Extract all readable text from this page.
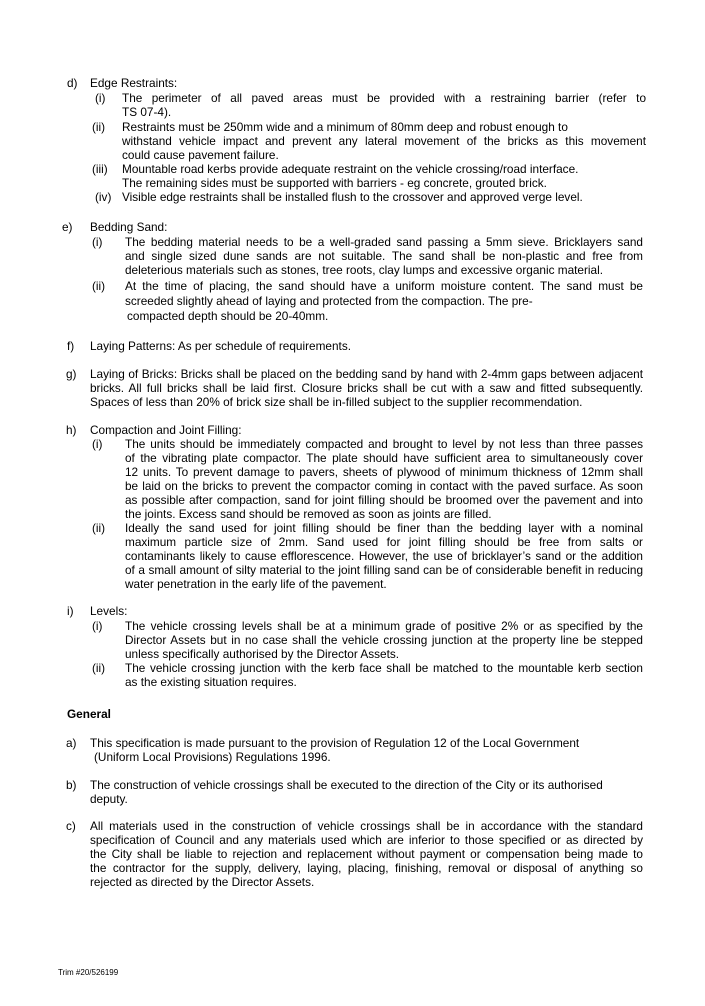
d) Edge Restraints:
(i) The perimeter of all paved areas must be provided with a restraining barrier (refer to
TS 07-4).
(ii) Restraints must be 250mm wide and a minimum of 80mm deep and robust enough to
withstand vehicle impact and prevent any lateral movement of the bricks as this movement
could cause pavement failure.
(iii) Mountable road kerbs provide adequate restraint on the vehicle crossing/road interface.
The remaining sides must be supported with barriers - eg concrete, grouted brick.
(iv) Visible edge restraints shall be installed flush to the crossover and approved verge level.
e) Bedding Sand:
(i) The bedding material needs to be a well-graded sand passing a 5mm sieve. Bricklayers sand
and single sized dune sands are not suitable. The sand shall be non-plastic and free from
deleterious materials such as stones, tree roots, clay lumps and excessive organic material.
(ii) At the time of placing, the sand should have a uniform moisture content. The sand must be
screeded slightly ahead of laying and protected from the compaction. The pre-
compacted depth should be 20-40mm.
f) Laying Patterns: As per schedule of requirements.
g) Laying of Bricks: Bricks shall be placed on the bedding sand by hand with 2-4mm gaps between adjacent
bricks. All full bricks shall be laid first. Closure bricks shall be cut with a saw and fitted subsequently.
Spaces of less than 20% of brick size shall be in-filled subject to the supplier recommendation.
h) Compaction and Joint Filling:
(i) The units should be immediately compacted and brought to level by not less than three passes
of the vibrating plate compactor. The plate should have sufficient area to simultaneously cover
12 units. To prevent damage to pavers, sheets of plywood of minimum thickness of 12mm shall
be laid on the bricks to prevent the compactor coming in contact with the paved surface. As soon
as possible after compaction, sand for joint filling should be broomed over the pavement and into
the joints. Excess sand should be removed as soon as joints are filled.
(ii) Ideally the sand used for joint filling should be finer than the bedding layer with a nominal
maximum particle size of 2mm. Sand used for joint filling should be free from salts or
contaminants likely to cause efflorescence. However, the use of bricklayer’s sand or the addition
of a small amount of silty material to the joint filling sand can be of considerable benefit in reducing
water penetration in the early life of the pavement.
i) Levels:
(i) The vehicle crossing levels shall be at a minimum grade of positive 2% or as specified by the
Director Assets but in no case shall the vehicle crossing junction at the property line be stepped
unless specifically authorised by the Director Assets.
(ii) The vehicle crossing junction with the kerb face shall be matched to the mountable kerb section
as the existing situation requires.
General
a) This specification is made pursuant to the provision of Regulation 12 of the Local Government
(Uniform Local Provisions) Regulations 1996.
b) The construction of vehicle crossings shall be executed to the direction of the City or its authorised
deputy.
c) All materials used in the construction of vehicle crossings shall be in accordance with the standard
specification of Council and any materials used which are inferior to those specified or as directed by
the City shall be liable to rejection and replacement without payment or compensation being made to
the contractor for the supply, delivery, laying, placing, finishing, removal or disposal of anything so
rejected as directed by the Director Assets.
Trim #20/526199
